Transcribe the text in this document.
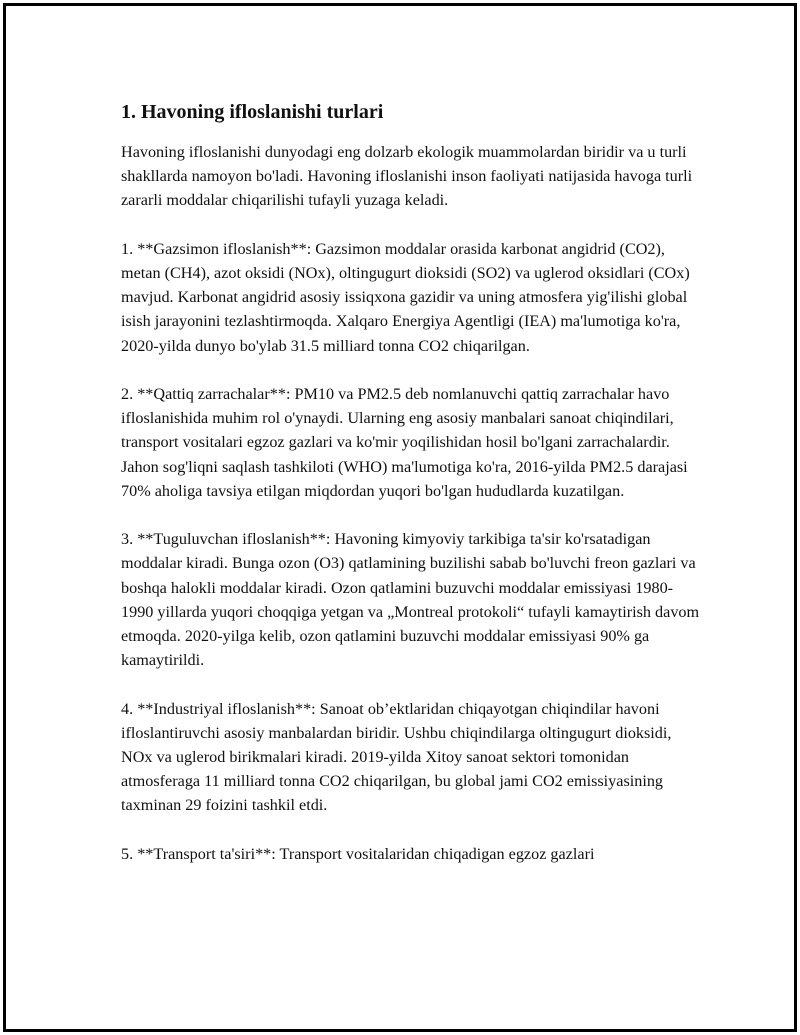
1. Havoning ifloslanishi turlari

Havoning ifloslanishi dunyodagi eng dolzarb ekologik muammolardan biridir va u turli shakllarda namoyon bo'ladi. Havoning ifloslanishi inson faoliyati natijasida havoga turli zararli moddalar chiqarilishi tufayli yuzaga keladi.

1. **Gazsimon ifloslanish**: Gazsimon moddalar orasida karbonat angidrid (CO2), metan (CH4), azot oksidi (NOx), oltingugurt dioksidi (SO2) va uglerod oksidlari (COx) mavjud. Karbonat angidrid asosiy issiqxona gazidir va uning atmosfera yig'ilishi global isish jarayonini tezlashtirmoqda. Xalqaro Energiya Agentligi (IEA) ma'lumotiga ko'ra, 2020-yilda dunyo bo'ylab 31.5 milliard tonna CO2 chiqarilgan.

2. **Qattiq zarrachalar**: PM10 va PM2.5 deb nomlanuvchi qattiq zarrachalar havo ifloslanishida muhim rol o'ynaydi. Ularning eng asosiy manbalari sanoat chiqindilari, transport vositalari egzoz gazlari va ko'mir yoqilishidan hosil bo'lgani zarrachalardir. Jahon sog'liqni saqlash tashkiloti (WHO) ma'lumotiga ko'ra, 2016-yilda PM2.5 darajasi 70% aholiga tavsiya etilgan miqdordan yuqori bo'lgan hududlarda kuzatilgan.

3. **Tuguluvchan ifloslanish**: Havoning kimyoviy tarkibiga ta'sir ko'rsatadigan moddalar kiradi. Bunga ozon (O3) qatlamining buzilishi sabab bo'luvchi freon gazlari va boshqa halokli moddalar kiradi. Ozon qatlamini buzuvchi moddalar emissiyasi 1980-1990 yillarda yuqori choqqiga yetgan va „Montreal protokoli“ tufayli kamaytirish davom etmoqda. 2020-yilga kelib, ozon qatlamini buzuvchi moddalar emissiyasi 90% ga kamaytirildi.

4. **Industriyal ifloslanish**: Sanoat ob’ektlaridan chiqayotgan chiqindilar havoni ifloslantiruvchi asosiy manbalardan biridir. Ushbu chiqindilarga oltingugurt dioksidi, NOx va uglerod birikmalari kiradi. 2019-yilda Xitoy sanoat sektori tomonidan atmosferaga 11 milliard tonna CO2 chiqarilgan, bu global jami CO2 emissiyasining taxminan 29 foizini tashkil etdi.

5. **Transport ta'siri**: Transport vositalaridan chiqadigan egzoz gazlari
